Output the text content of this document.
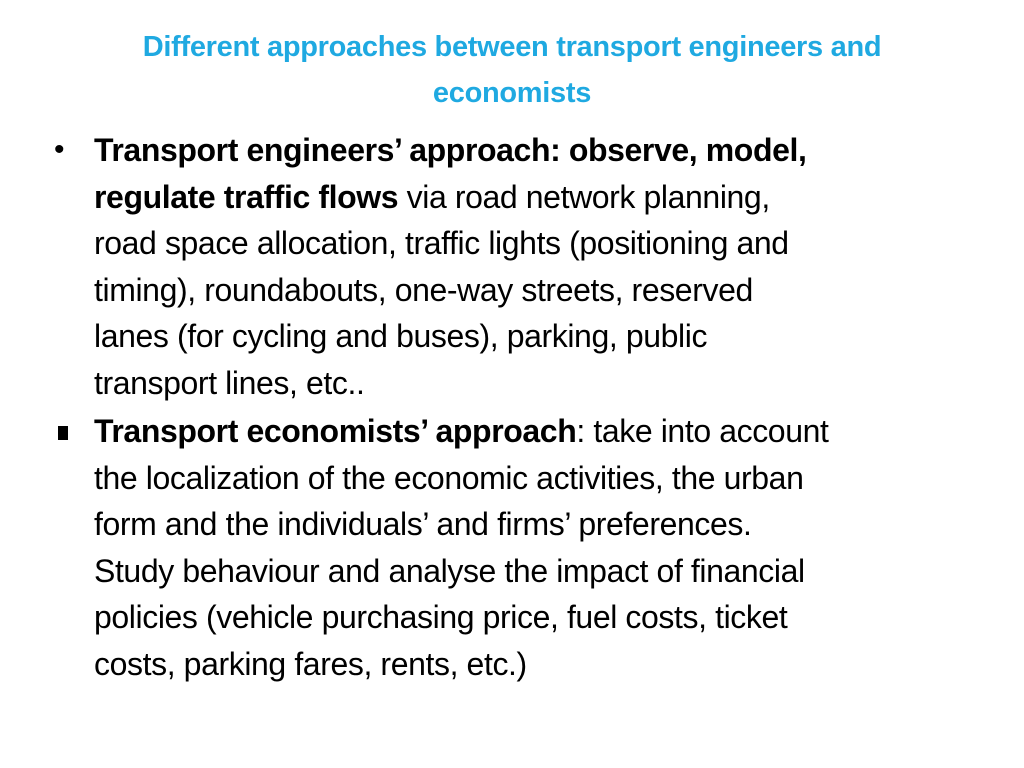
Different approaches between transport engineers and
economists
• Transport engineers’ approach: observe, model,
regulate traffic flows via road network planning,
road space allocation, traffic lights (positioning and
timing), roundabouts, one-way streets, reserved
lanes (for cycling and buses), parking, public
transport lines, etc..
Transport economists’ approach: take into account
the localization of the economic activities, the urban
form and the individuals’ and firms’ preferences.
Study behaviour and analyse the impact of financial
policies (vehicle purchasing price, fuel costs, ticket
costs, parking fares, rents, etc.)
